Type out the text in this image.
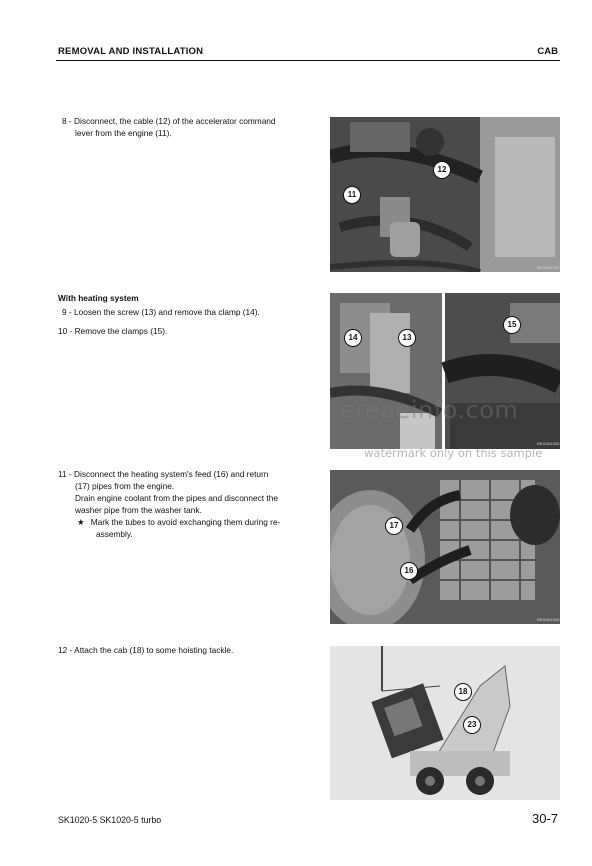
REMOVAL AND INSTALLATION	CAB
8 - Disconnect, the cable (12) of the accelerator command
lever from the engine (11).
With heating system
9 - Loosen the screw (13) and remove tha clamp (14).
10 - Remove the clamps (15).
11 - Disconnect the heating system's feed (16) and return
(17) pipes from the engine.
Drain engine coolant from the pipes and disconnect the
washer pipe from the washer tank.
★ Mark the tubes to avoid exchanging them during re-
assembly.
12 - Attach the cab (18) to some hoisting tackle.
12
11
RKG0A1020
14	13
15
RKG0A1030
17
16
RKG0A1040
18
23
RKG0A1050
ereaeinfo.com
watermark only on this sample
SK1020-5 SK1020-5 turbo	30-7
